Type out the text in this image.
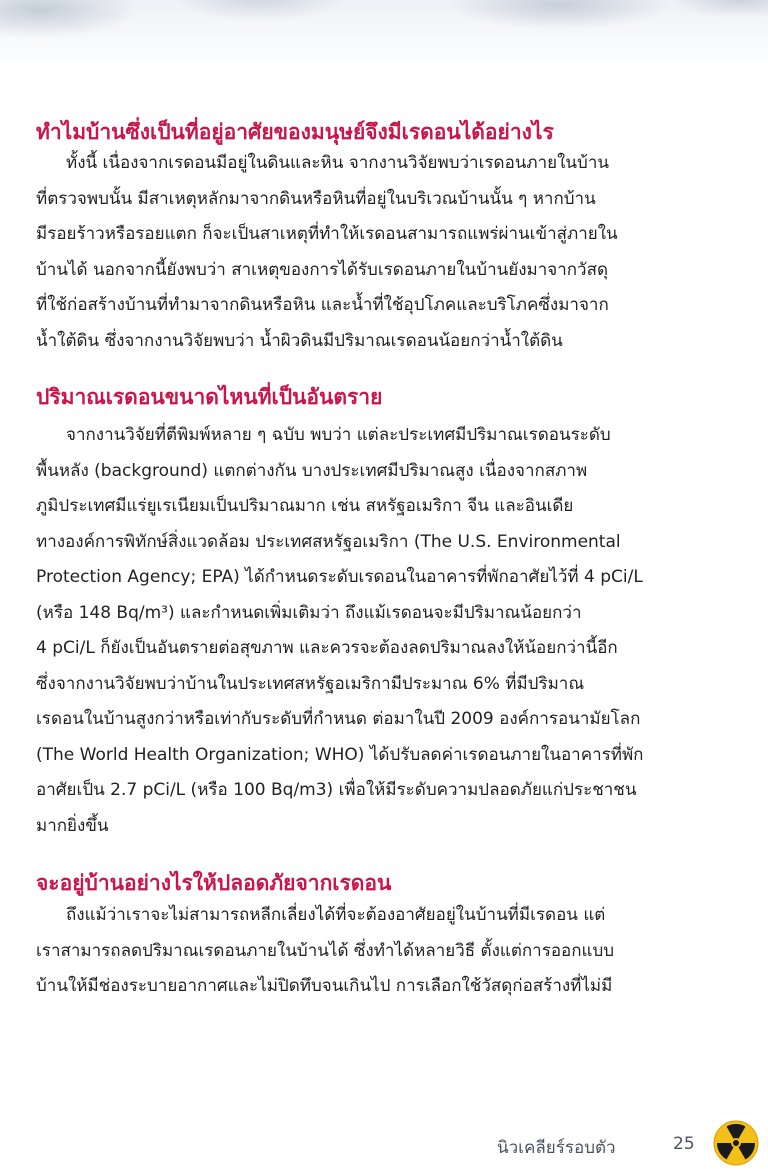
ทำไมบ้านซึ่งเป็นที่อยู่อาศัยของมนุษย์จึงมีเรดอนได้อย่างไร
ทั้งนี้ เนื่องจากเรดอนมีอยู่ในดินและหิน จากงานวิจัยพบว่าเรดอนภายในบ้าน
ที่ตรวจพบนั้น มีสาเหตุหลักมาจากดินหรือหินที่อยู่ในบริเวณบ้านนั้น ๆ หากบ้าน
มีรอยร้าวหรือรอยแตก ก็จะเป็นสาเหตุที่ทำให้เรดอนสามารถแพร่ผ่านเข้าสู่ภายใน
บ้านได้ นอกจากนี้ยังพบว่า สาเหตุของการได้รับเรดอนภายในบ้านยังมาจากวัสดุ
ที่ใช้ก่อสร้างบ้านที่ทำมาจากดินหรือหิน และน้ำที่ใช้อุปโภคและบริโภคซึ่งมาจาก
น้ำใต้ดิน ซึ่งจากงานวิจัยพบว่า น้ำผิวดินมีปริมาณเรดอนน้อยกว่าน้ำใต้ดิน
ปริมาณเรดอนขนาดไหนที่เป็นอันตราย
จากงานวิจัยที่ตีพิมพ์หลาย ๆ ฉบับ พบว่า แต่ละประเทศมีปริมาณเรดอนระดับ
พื้นหลัง (background) แตกต่างกัน บางประเทศมีปริมาณสูง เนื่องจากสภาพ
ภูมิประเทศมีแร่ยูเรเนียมเป็นปริมาณมาก เช่น สหรัฐอเมริกา จีน และอินเดีย
ทางองค์การพิทักษ์สิ่งแวดล้อม ประเทศสหรัฐอเมริกา (The U.S. Environmental
Protection Agency; EPA) ได้กำหนดระดับเรดอนในอาคารที่พักอาศัยไว้ที่ 4 pCi/L
(หรือ 148 Bq/m³) และกำหนดเพิ่มเติมว่า ถึงแม้เรดอนจะมีปริมาณน้อยกว่า
4 pCi/L ก็ยังเป็นอันตรายต่อสุขภาพ และควรจะต้องลดปริมาณลงให้น้อยกว่านี้อีก
ซึ่งจากงานวิจัยพบว่าบ้านในประเทศสหรัฐอเมริกามีประมาณ 6% ที่มีปริมาณ
เรดอนในบ้านสูงกว่าหรือเท่ากับระดับที่กำหนด ต่อมาในปี 2009 องค์การอนามัยโลก
(The World Health Organization; WHO) ได้ปรับลดค่าเรดอนภายในอาคารที่พัก
อาศัยเป็น 2.7 pCi/L (หรือ 100 Bq/m3) เพื่อให้มีระดับความปลอดภัยแก่ประชาชน
มากยิ่งขึ้น
จะอยู่บ้านอย่างไรให้ปลอดภัยจากเรดอน
ถึงแม้ว่าเราจะไม่สามารถหลีกเลี่ยงได้ที่จะต้องอาศัยอยู่ในบ้านที่มีเรดอน แต่
เราสามารถลดปริมาณเรดอนภายในบ้านได้ ซึ่งทำได้หลายวิธี ตั้งแต่การออกแบบ
บ้านให้มีช่องระบายอากาศและไม่ปิดทึบจนเกินไป การเลือกใช้วัสดุก่อสร้างที่ไม่มี
นิวเคลียร์รอบตัว	25
